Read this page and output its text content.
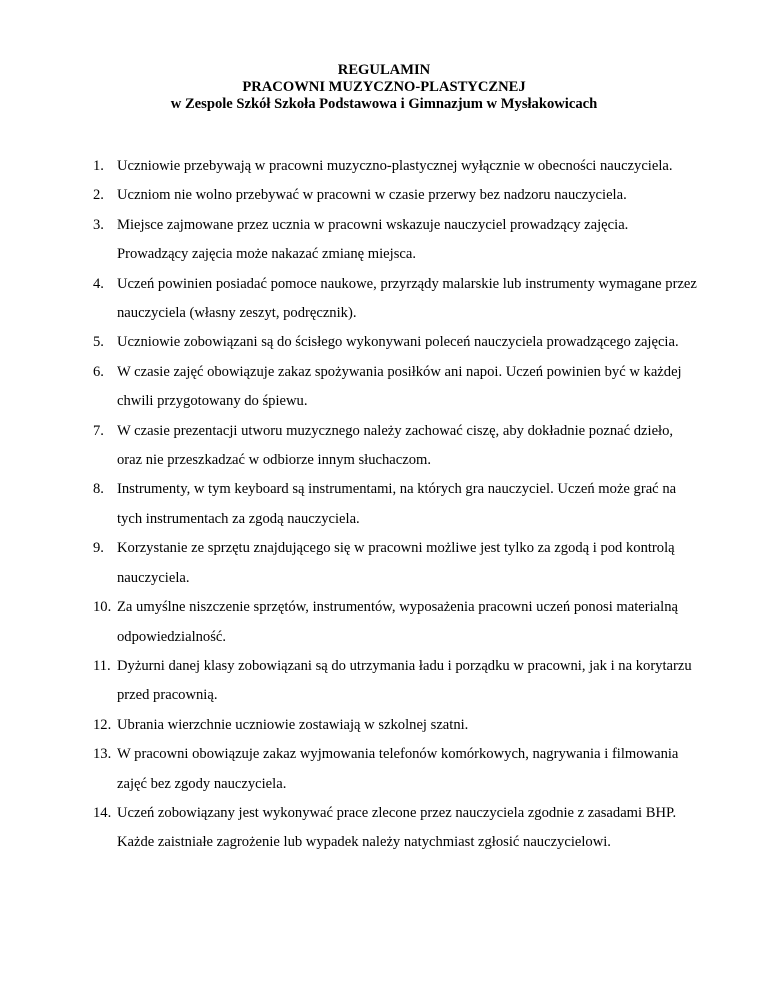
REGULAMIN
PRACOWNI MUZYCZNO-PLASTYCZNEJ
w Zespole Szkół Szkoła Podstawowa i Gimnazjum w Mysłakowicach
1. Uczniowie przebywają w pracowni muzyczno-plastycznej wyłącznie w obecności nauczyciela.
2. Uczniom nie wolno przebywać w pracowni w czasie przerwy bez nadzoru nauczyciela.
3. Miejsce zajmowane przez ucznia w pracowni wskazuje nauczyciel prowadzący zajęcia. Prowadzący zajęcia może nakazać zmianę miejsca.
4. Uczeń powinien posiadać pomoce naukowe, przyrządy malarskie lub instrumenty wymagane przez nauczyciela (własny zeszyt, podręcznik).
5. Uczniowie zobowiązani są do ścisłego wykonywani poleceń nauczyciela prowadzącego zajęcia.
6. W czasie zajęć obowiązuje zakaz spożywania posiłków ani napoi. Uczeń powinien być w każdej chwili przygotowany do śpiewu.
7. W czasie prezentacji utworu muzycznego należy zachować ciszę, aby dokładnie poznać dzieło, oraz nie przeszkadzać w odbiorze innym słuchaczom.
8. Instrumenty, w tym keyboard są instrumentami, na których gra nauczyciel. Uczeń może grać na tych instrumentach za zgodą nauczyciela.
9. Korzystanie ze sprzętu znajdującego się w pracowni możliwe jest tylko za zgodą i pod kontrolą nauczyciela.
10. Za umyślne niszczenie sprzętów, instrumentów, wyposażenia pracowni uczeń ponosi materialną odpowiedzialność.
11. Dyżurni danej klasy zobowiązani są do utrzymania ładu i porządku w pracowni, jak i na korytarzu przed pracownią.
12. Ubrania wierzchnie uczniowie zostawiają w szkolnej szatni.
13. W pracowni obowiązuje zakaz wyjmowania telefonów komórkowych, nagrywania i filmowania zajęć bez zgody nauczyciela.
14. Uczeń zobowiązany jest wykonywać prace zlecone przez nauczyciela zgodnie z zasadami BHP. Każde zaistniałe zagrożenie lub wypadek należy natychmiast zgłosić nauczycielowi.
